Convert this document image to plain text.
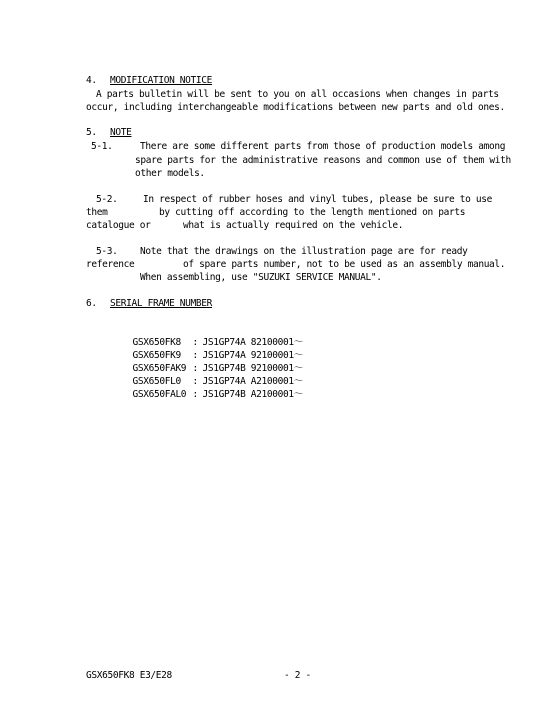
4. MODIFICATION NOTICE
A parts bulletin will be sent to you on all occasions when changes in parts
occur, including interchangeable modifications between new parts and old ones.
5. NOTE
5-1.	There are some different parts from those of production models among
spare parts for the administrative reasons and common use of them with
other models.
5-2.	In respect of rubber hoses and vinyl tubes, please be sure to use
them	by cutting off according to the length mentioned on parts
catalogue or	what is actually required on the vehicle.
5-3. Note that the drawings on the illustration page are for ready
reference	of spare parts number, not to be used as an assembly manual.
When assembling, use "SUZUKI SERVICE MANUAL".
6. SERIAL FRAME NUMBER

GSX650FK8 : JS1GP74A 82100001～

GSX650FK9 : JS1GP74A 92100001～

GSX650FAK9 : JS1GP74B 92100001～

GSX650FL0 : JS1GP74A A2100001～

GSX650FAL0 : JS1GP74B A2100001～

GSX650FK8 E3/E28	- 2 -
